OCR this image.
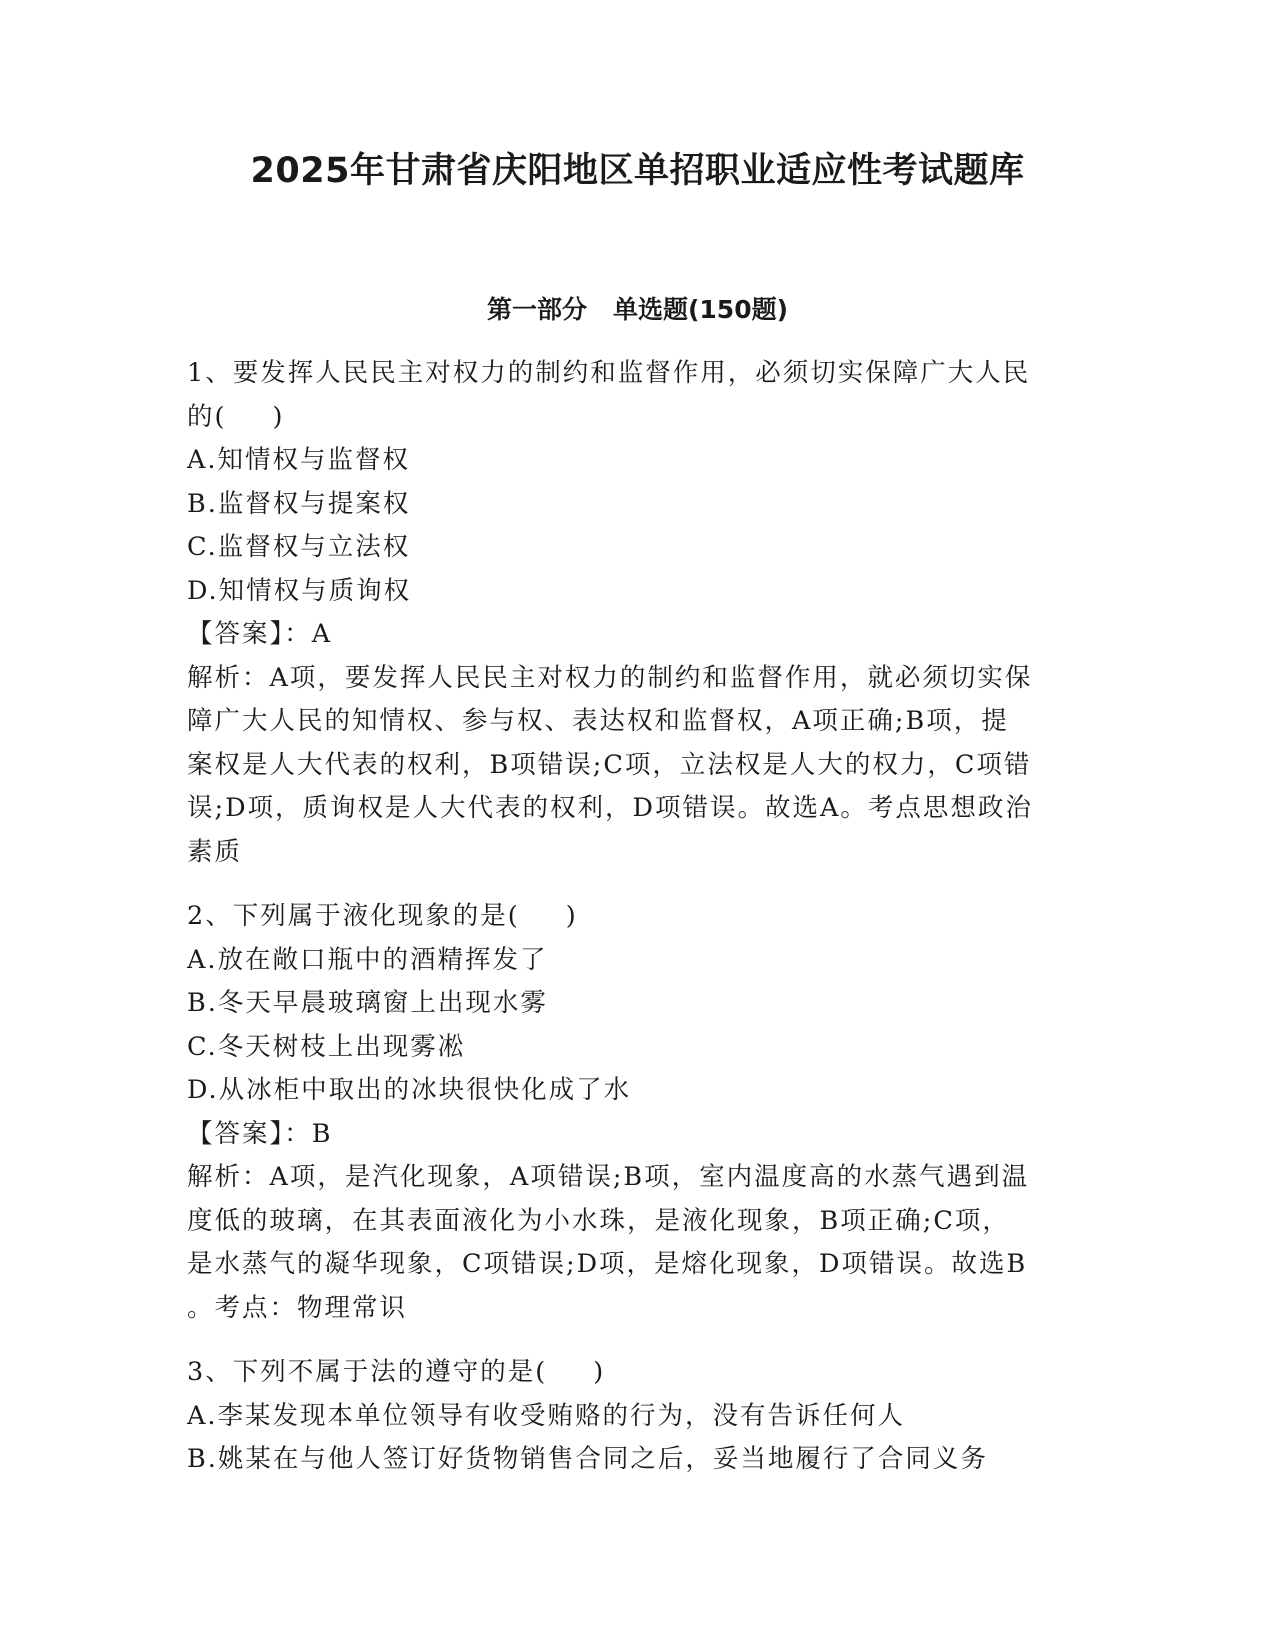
2025年甘肃省庆阳地区单招职业适应性考试题库
第一部分 单选题(150题)
1、要发挥人民民主对权力的制约和监督作用，必须切实保障广大人民
的( )
A.知情权与监督权
B.监督权与提案权
C.监督权与立法权
D.知情权与质询权
【答案】：A
解析：A项，要发挥人民民主对权力的制约和监督作用，就必须切实保
障广大人民的知情权、参与权、表达权和监督权，A项正确;B项，提
案权是人大代表的权利，B项错误;C项，立法权是人大的权力，C项错
误;D项，质询权是人大代表的权利，D项错误。故选A。考点思想政治
素质
2、下列属于液化现象的是( )
A.放在敞口瓶中的酒精挥发了
B.冬天早晨玻璃窗上出现水雾
C.冬天树枝上出现雾凇
D.从冰柜中取出的冰块很快化成了水
【答案】：B
解析：A项，是汽化现象，A项错误;B项，室内温度高的水蒸气遇到温
度低的玻璃，在其表面液化为小水珠，是液化现象，B项正确;C项，
是水蒸气的凝华现象，C项错误;D项，是熔化现象，D项错误。故选B
。考点：物理常识
3、下列不属于法的遵守的是( )
A.李某发现本单位领导有收受贿赂的行为，没有告诉任何人
B.姚某在与他人签订好货物销售合同之后，妥当地履行了合同义务
